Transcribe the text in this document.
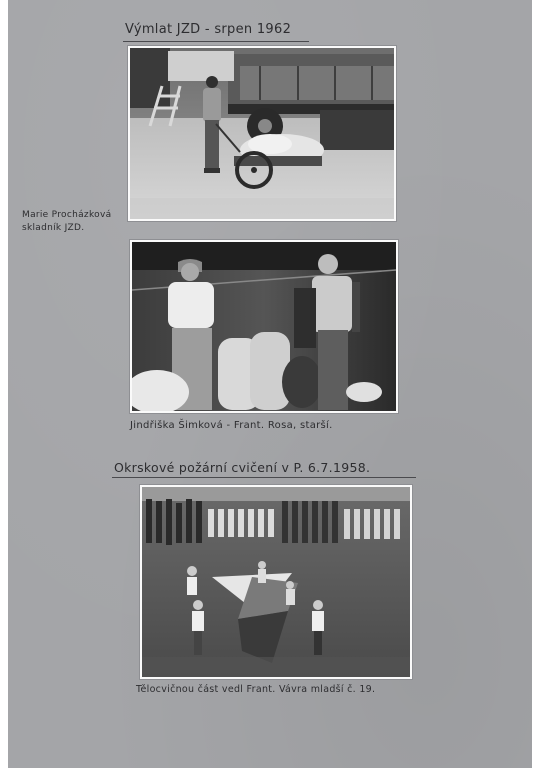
Výmlat JZD - srpen 1962
Marie Procházková
skladník JZD.
Jindřiška Šimková - Frant. Rosa, starší.
Okrskové požární cvičení v P. 6.7.1958.
Tělocvičnou část vedl Frant. Vávra mladší č. 19.
